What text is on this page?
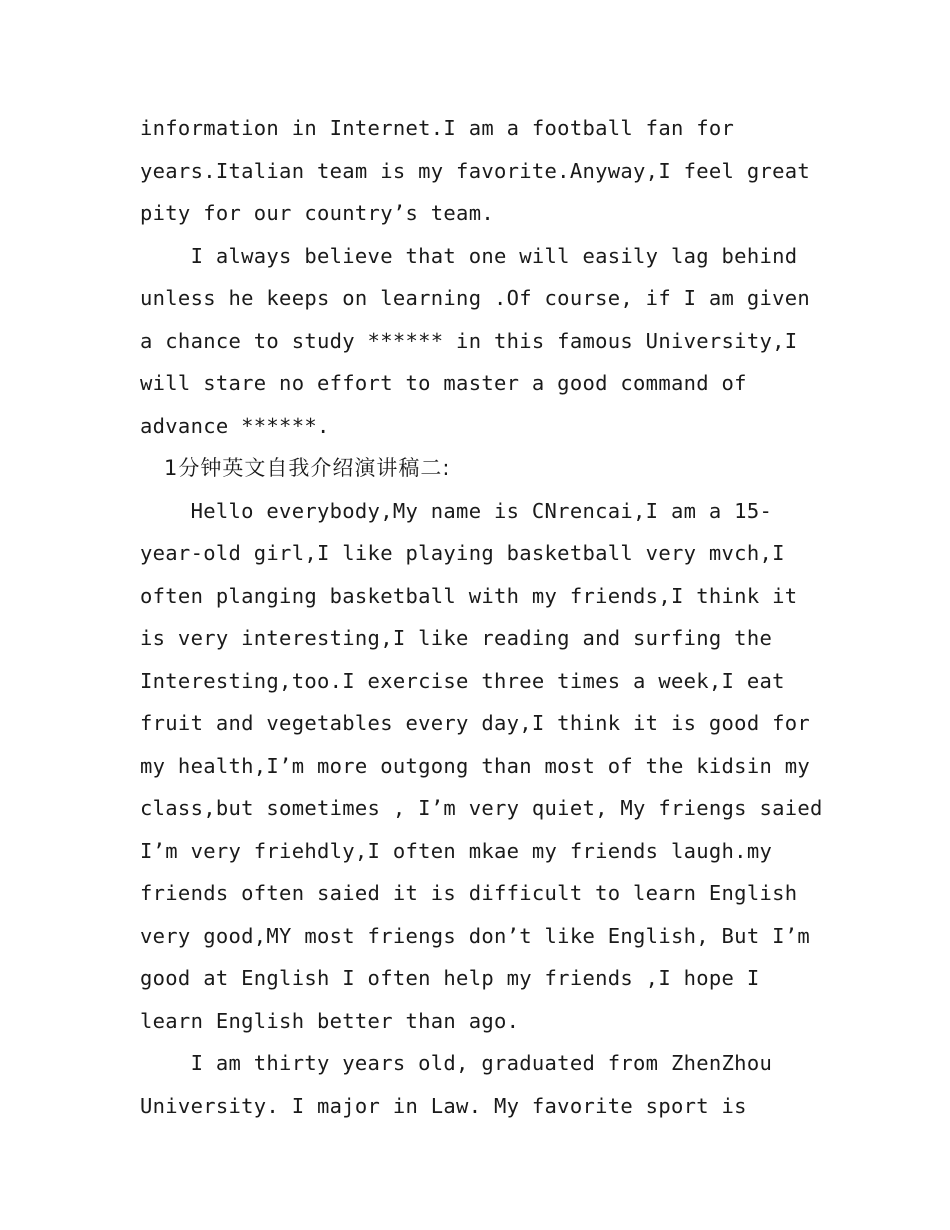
information in Internet.I am a football fan for
years.Italian team is my favorite.Anyway,I feel great
pity for our country’s team.
I always believe that one will easily lag behind
unless he keeps on learning .Of course, if I am given
a chance to study ****** in this famous University,I
will stare no effort to master a good command of
advance ******.
1分钟英文自我介绍演讲稿二:
Hello everybody,My name is CNrencai,I am a 15-
year-old girl,I like playing basketball very mvch,I
often planging basketball with my friends,I think it
is very interesting,I like reading and surfing the
Interesting,too.I exercise three times a week,I eat
fruit and vegetables every day,I think it is good for
my health,I’m more outgong than most of the kidsin my
class,but sometimes , I’m very quiet, My friengs saied
I’m very friehdly,I often mkae my friends laugh.my
friends often saied it is difficult to learn English
very good,MY most friengs don’t like English, But I’m
good at English I often help my friends ,I hope I
learn English better than ago.
I am thirty years old, graduated from ZhenZhou
University. I major in Law. My favorite sport is
